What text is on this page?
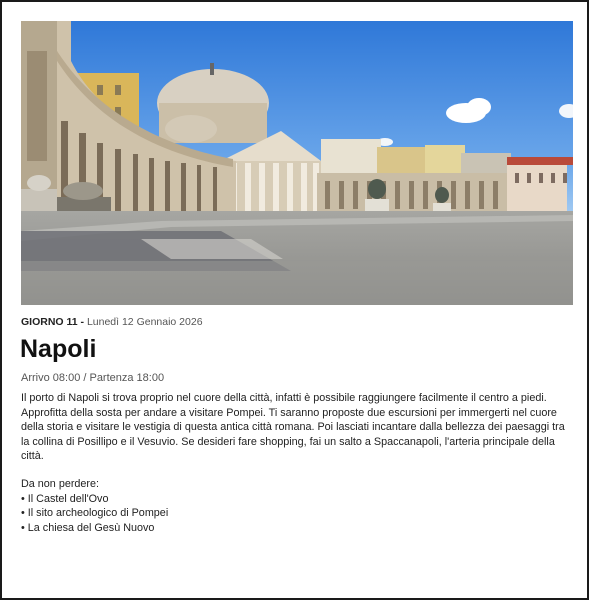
GIORNO 11 - Lunedì 12 Gennaio 2026
Napoli
Arrivo 08:00 / Partenza 18:00

Il porto di Napoli si trova proprio nel cuore della città, infatti è possibile raggiungere facilmente il centro a piedi. Approfitta della sosta per andare a visitare Pompei. Ti saranno proposte due escursioni per immergerti nel cuore della storia e visitare le vestigia di questa antica città romana. Poi lasciati incantare dalla bellezza dei paesaggi tra la collina di Posillipo e il Vesuvio. Se desideri fare shopping, fai un salto a Spaccanapoli, l'arteria principale della città.

Da non perdere:
• Il Castel dell'Ovo
• Il sito archeologico di Pompei
• La chiesa del Gesù Nuovo
